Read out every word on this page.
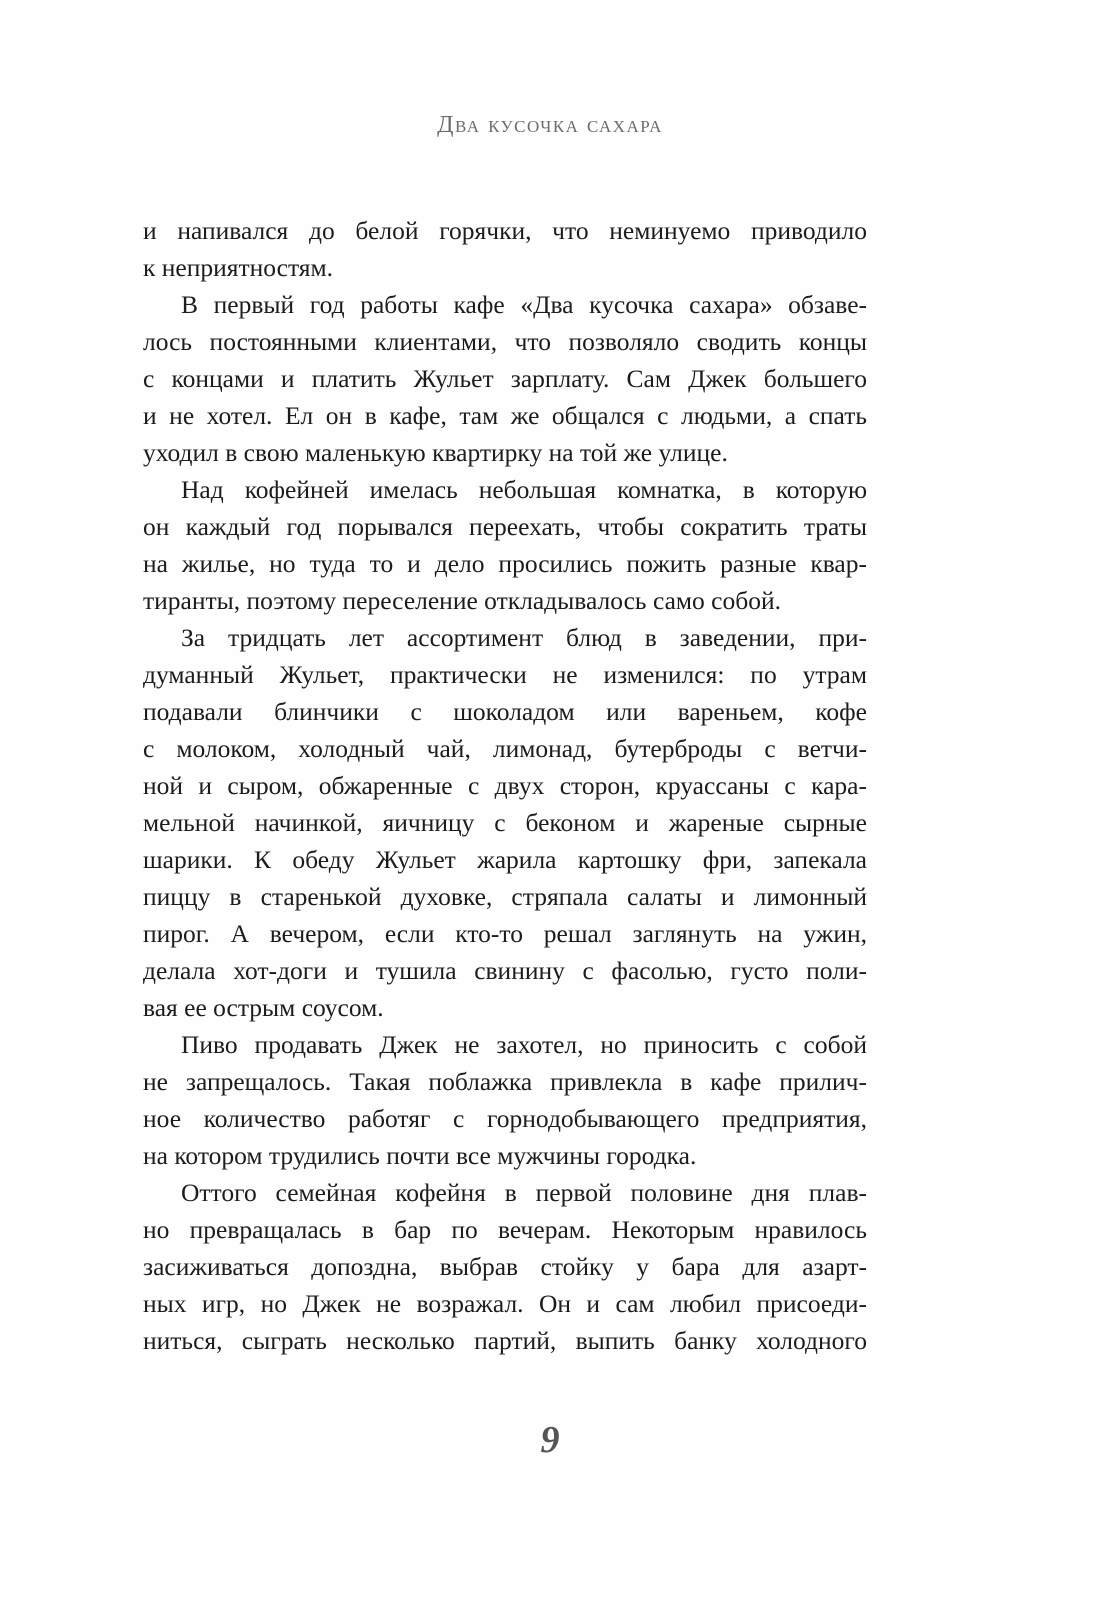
Два кусочка сахара
и напивался до белой горячки, что неминуемо приводило
к неприятностям.
В первый год работы кафе «Два кусочка сахара» обзаве-
лось постоянными клиентами, что позволяло сводить концы
с концами и платить Жульет зарплату. Сам Джек большего
и не хотел. Ел он в кафе, там же общался с людьми, а спать
уходил в свою маленькую квартирку на той же улице.
Над кофейней имелась небольшая комнатка, в которую
он каждый год порывался переехать, чтобы сократить траты
на жилье, но туда то и дело просились пожить разные квар-
тиранты, поэтому переселение откладывалось само собой.
За тридцать лет ассортимент блюд в заведении, при-
думанный Жульет, практически не изменился: по утрам
подавали блинчики с шоколадом или вареньем, кофе
с молоком, холодный чай, лимонад, бутерброды с ветчи-
ной и сыром, обжаренные с двух сторон, круассаны с кара-
мельной начинкой, яичницу с беконом и жареные сырные
шарики. К обеду Жульет жарила картошку фри, запекала
пиццу в старенькой духовке, стряпала салаты и лимонный
пирог. А вечером, если кто-то решал заглянуть на ужин,
делала хот-доги и тушила свинину с фасолью, густо поли-
вая ее острым соусом.
Пиво продавать Джек не захотел, но приносить с собой
не запрещалось. Такая поблажка привлекла в кафе прилич-
ное количество работяг с горнодобывающего предприятия,
на котором трудились почти все мужчины городка.
Оттого семейная кофейня в первой половине дня плав-
но превращалась в бар по вечерам. Некоторым нравилось
засиживаться допоздна, выбрав стойку у бара для азарт-
ных игр, но Джек не возражал. Он и сам любил присоеди-
ниться, сыграть несколько партий, выпить банку холодного
9
